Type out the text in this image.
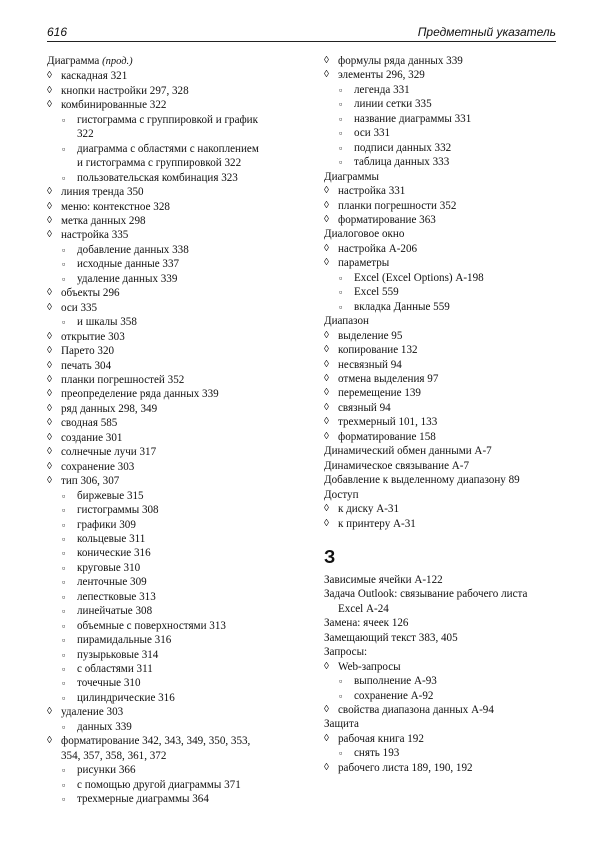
616	Предметный указатель
Диаграмма (прод.)
◊ каскадная 321
◊ кнопки настройки 297, 328
◊ комбинированные 322
▫ гистограмма с группировкой и график
322
▫ диаграмма с областями с накоплением
и гистограмма с группировкой 322
▫ пользовательская комбинация 323
◊ линия тренда 350
◊ меню: контекстное 328
◊ метка данных 298
◊ настройка 335
▫ добавление данных 338
▫ исходные данные 337
▫ удаление данных 339
◊ объекты 296
◊ оси 335
▫ и шкалы 358
◊ открытие 303
◊ Парето 320
◊ печать 304
◊ планки погрешностей 352
◊ преопределение ряда данных 339
◊ ряд данных 298, 349
◊ сводная 585
◊ создание 301
◊ солнечные лучи 317
◊ сохранение 303
◊ тип 306, 307
▫ биржевые 315
▫ гистограммы 308
▫ графики 309
▫ кольцевые 311
▫ конические 316
▫ круговые 310
▫ ленточные 309
▫ лепестковые 313
▫ линейчатые 308
▫ объемные с поверхностями 313
▫ пирамидальные 316
▫ пузырьковые 314
▫ с областями 311
▫ точечные 310
▫ цилиндрические 316
◊ удаление 303
▫ данных 339
◊ форматирование 342, 343, 349, 350, 353,
354, 357, 358, 361, 372
▫ рисунки 366
▫ с помощью другой диаграммы 371
▫ трехмерные диаграммы 364
◊ формулы ряда данных 339
◊ элементы 296, 329
▫ легенда 331
▫ линии сетки 335
▫ название диаграммы 331
▫ оси 331
▫ подписи данных 332
▫ таблица данных 333
Диаграммы
◊ настройка 331
◊ планки погрешности 352
◊ форматирование 363
Диалоговое окно
◊ настройка А-206
◊ параметры
▫ Excel (Excel Options) А-198
▫ Excel 559
▫ вкладка Данные 559
Диапазон
◊ выделение 95
◊ копирование 132
◊ несвязный 94
◊ отмена выделения 97
◊ перемещение 139
◊ связный 94
◊ трехмерный 101, 133
◊ форматирование 158
Динамический обмен данными А-7
Динамическое связывание А-7
Добавление к выделенному диапазону 89
Доступ
◊ к диску А-31
◊ к принтеру А-31
З
Зависимые ячейки А-122
Задача Outlook: связывание рабочего листа
Excel А-24
Замена: ячеек 126
Замещающий текст 383, 405
Запросы:
◊ Web-запросы
▫ выполнение А-93
▫ сохранение А-92
◊ свойства диапазона данных А-94
Защита
◊ рабочая книга 192
▫ снять 193
◊ рабочего листа 189, 190, 192
